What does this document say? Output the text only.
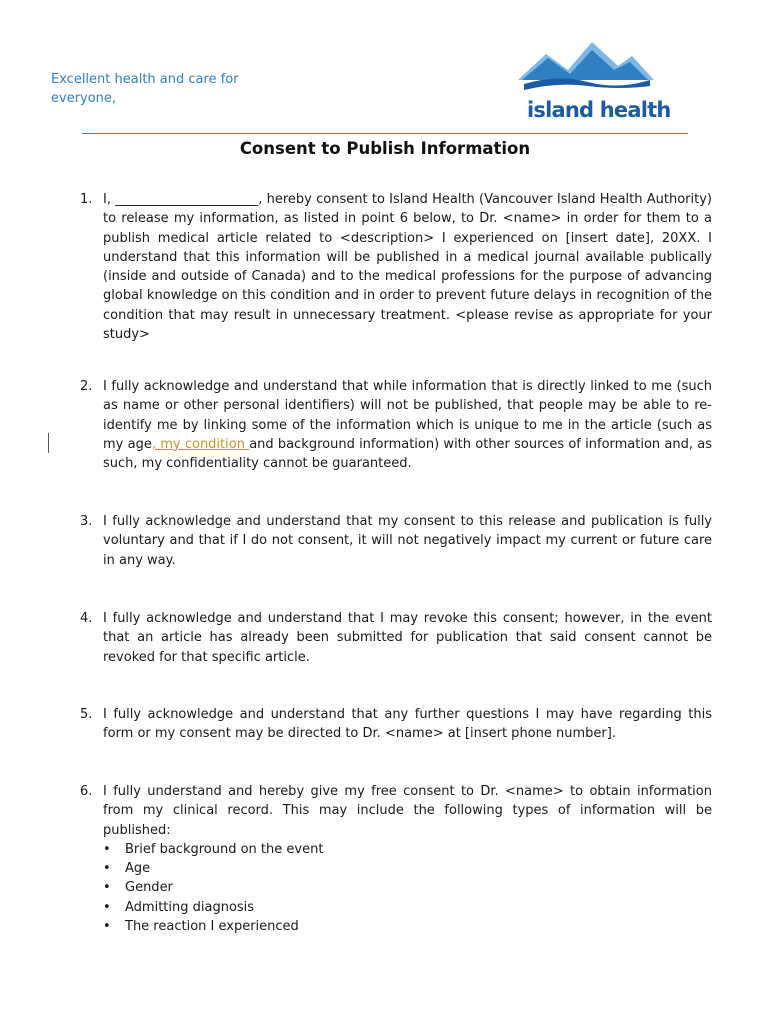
Excellent health and care for everyone,	island health
Consent to Publish Information
1. I, ______________________, hereby consent to Island Health (Vancouver Island Health Authority) to release my information, as listed in point 6 below, to Dr. <name> in order for them to a publish medical article related to <description> I experienced on [insert date], 20XX. I understand that this information will be published in a medical journal available publically (inside and outside of Canada) and to the medical professions for the purpose of advancing global knowledge on this condition and in order to prevent future delays in recognition of the condition that may result in unnecessary treatment. <please revise as appropriate for your study>
2. I fully acknowledge and understand that while information that is directly linked to me (such as name or other personal identifiers) will not be published, that people may be able to re-identify me by linking some of the information which is unique to me in the article (such as my age, my condition and background information) with other sources of information and, as such, my confidentiality cannot be guaranteed.
3. I fully acknowledge and understand that my consent to this release and publication is fully voluntary and that if I do not consent, it will not negatively impact my current or future care in any way.
4. I fully acknowledge and understand that I may revoke this consent; however, in the event that an article has already been submitted for publication that said consent cannot be revoked for that specific article.
5. I fully acknowledge and understand that any further questions I may have regarding this form or my consent may be directed to Dr. <name> at [insert phone number].
6. I fully understand and hereby give my free consent to Dr. <name> to obtain information from my clinical record. This may include the following types of information will be published:
• Brief background on the event
• Age
• Gender
• Admitting diagnosis
• The reaction I experienced
